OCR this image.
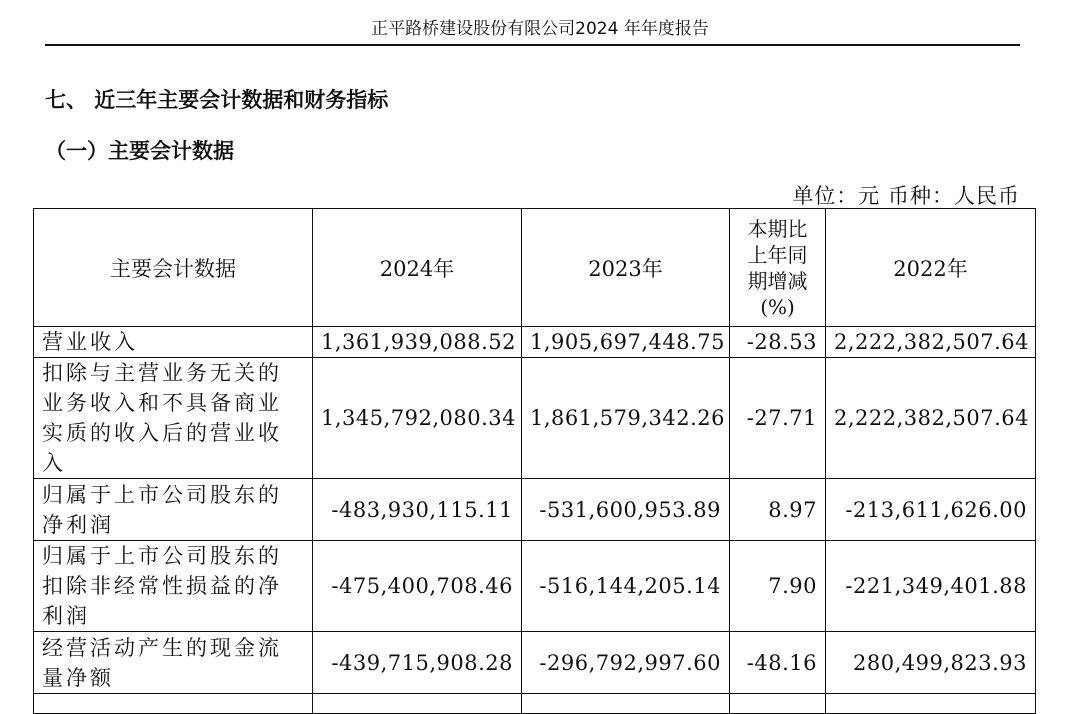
正平路桥建设股份有限公司2024 年年度报告
七、 近三年主要会计数据和财务指标
（一）主要会计数据
单位：元 币种：人民币
主要会计数据	2024年	2023年	本期比上年同期增减(%)	2022年
营业收入	1,361,939,088.52	1,905,697,448.75	-28.53	2,222,382,507.64
扣除与主营业务无关的业务收入和不具备商业实质的收入后的营业收入	1,345,792,080.34	1,861,579,342.26	-27.71	2,222,382,507.64
归属于上市公司股东的净利润	-483,930,115.11	-531,600,953.89	8.97	-213,611,626.00
归属于上市公司股东的扣除非经常性损益的净利润	-475,400,708.46	-516,144,205.14	7.90	-221,349,401.88
经营活动产生的现金流量净额	-439,715,908.28	-296,792,997.60	-48.16	280,499,823.93
